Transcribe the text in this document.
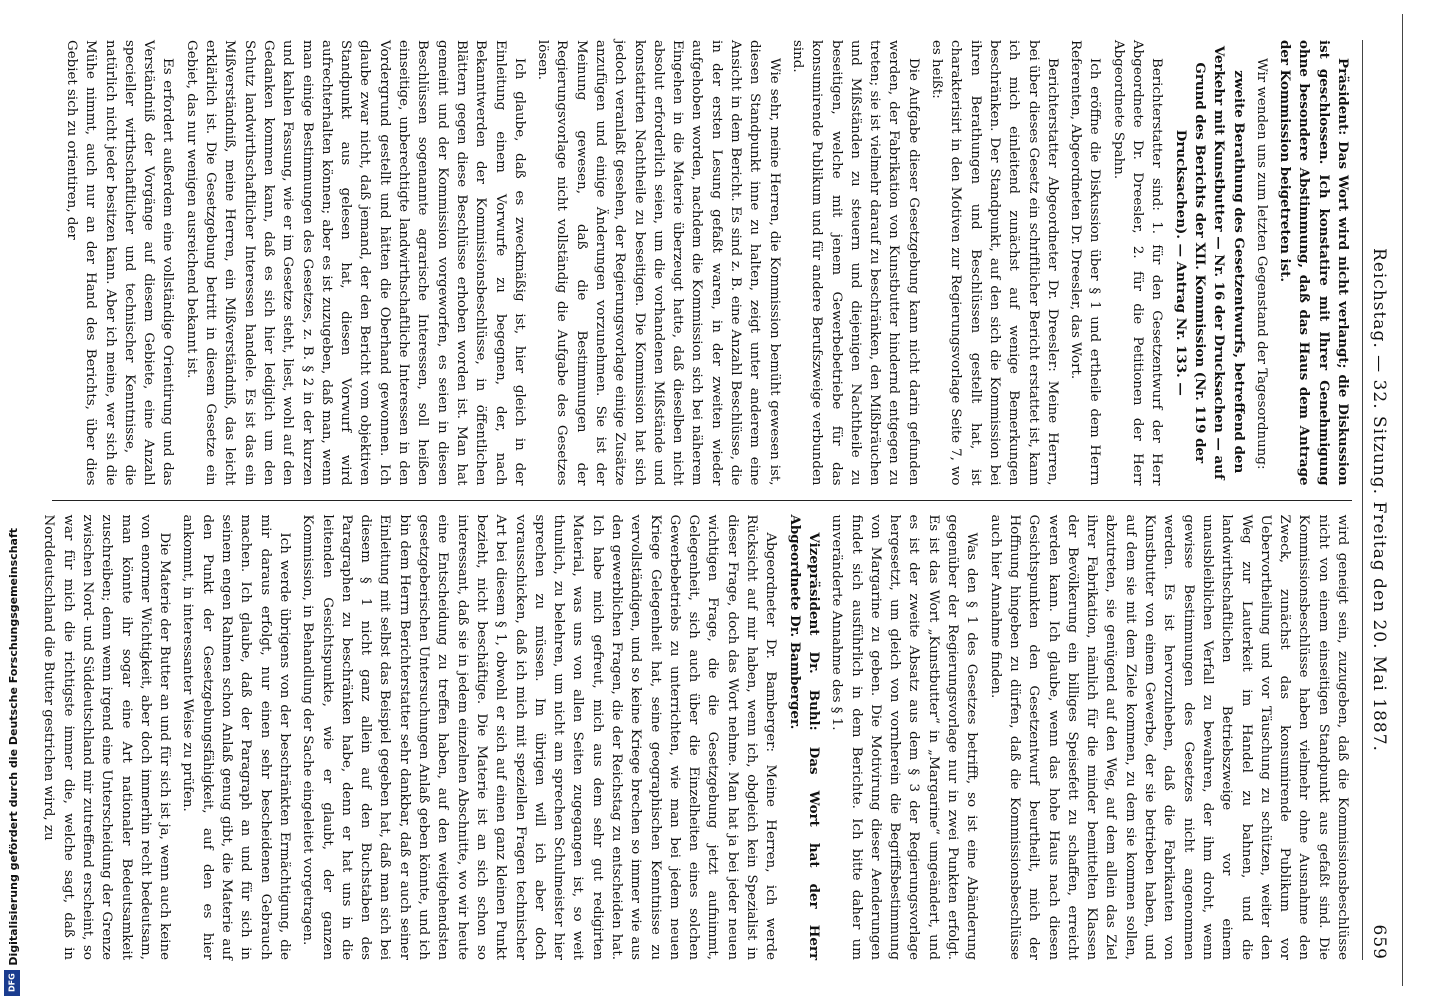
Reichstag. — 32. Sitzung. Freitag den 20. Mai 1887.
659

Präsident: Das Wort wird nicht verlangt; die Diskussion ist geschlossen. Ich konstatire mit Ihrer Genehmigung ohne besondere Abstimmung, daß das Haus dem Antrage der Kommission beigetreten ist.

Wir wenden uns zum letzten Gegenstand der Tagesordnung:

zweite Berathung des Gesetzentwurfs, betreffend den Verkehr mit Kunstbutter — Nr. 16 der Drucksachen — auf Grund des Berichts der XII. Kommission (Nr. 119 der Drucksachen). — Antrag Nr. 133. —

Berichterstatter sind: 1. für den Gesetzentwurf der Herr Abgeordnete Dr. Dreesler, 2. für die Petitionen der Herr Abgeordnete Spahn.

Ich eröffne die Diskussion über § 1 und ertheile dem Herrn Referenten, Abgeordneten Dr. Dreesler, das Wort.

Berichterstatter Abgeordneter Dr. Dreesler: Meine Herren, bei über dieses Gesetz ein schriftlicher Bericht erstattet ist, kann ich mich einleitend zunächst auf wenige Bemerkungen beschränken. Der Standpunkt, auf den sich die Kommission bei ihren Berathungen und Beschlüssen gestellt hat, ist charakterisirt in den Motiven zur Regierungsvorlage Seite 7, wo es heißt:

Die Aufgabe dieser Gesetzgebung kann nicht darin gefunden werden, der Fabrikation von Kunstbutter hindernd entgegen zu treten; sie ist vielmehr darauf zu beschränken, den Mißbräuchen und Mißständen zu steuern und diejenigen Nachtheile zu beseitigen, welche mit jenem Gewerbebetriebe für das konsumirende Publikum und für andere Berufszweige verbunden sind.

Wie sehr, meine Herren, die Kommission bemüht gewesen ist, diesen Standpunkt inne zu halten, zeigt unter anderem eine Ansicht in dem Bericht. Es sind z. B. eine Anzahl Beschlüsse, die in der ersten Lesung gefaßt waren, in der zweiten wieder aufgehoben worden, nachdem die Kommission sich bei näherem Eingehen in die Materie überzeugt hatte, daß dieselben nicht absolut erforderlich seien, um die vorhandenen Mißstände und konstatirten Nachtheile zu beseitigen. Die Kommission hat sich jedoch veranlaßt gesehen, der Regierungsvorlage einige Zusätze anzufügen und einige Änderungen vorzunehmen. Sie ist der Meinung gewesen, daß die Bestimmungen der Regierungsvorlage nicht vollständig die Aufgabe des Gesetzes lösen.

Ich glaube, daß es zweckmäßig ist, hier gleich in der Einleitung einem Vorwurfe zu begegnen, der, nach Bekanntwerden der Kommissionsbeschlüsse, in öffentlichen Blättern gegen diese Beschlüsse erhoben worden ist. Man hat gemeint und der Kommission vorgeworfen, es seien in diesen Beschlüssen sogenannte agrarische Interessen, soll heißen einseitige, unberechtigte landwirthschaftliche Interessen in den Vordergrund gestellt und hätten die Oberhand gewonnen. Ich glaube zwar nicht, daß jemand, der den Bericht vom objektiven Standpunkt aus gelesen hat, diesen Vorwurf wird aufrechterhalten können; aber es ist zuzugeben, daß man, wenn man einige Bestimmungen des Gesetzes, z. B. § 2 in der kurzen und kahlen Fassung, wie er im Gesetze steht, liest, wohl auf den Gedanken kommen kann, daß es sich hier lediglich um den Schutz landwirthschaftlicher Interessen handele. Es ist das ein Mißverständniß, meine Herren, ein Mißverständniß, das leicht erklärlich ist. Die Gesetzgebung betritt in diesem Gesetze ein Gebiet, das nur wenigen ausreichend bekannt ist.

Es erfordert außerdem eine vollständige Orientirung und das Verständniß der Vorgänge auf diesem Gebiete, eine Anzahl specieller wirthschaftlicher und technischer Kenntnisse, die natürlich nicht jeder besitzen kann. Aber ich meine, wer sich die Mühe nimmt, auch nur an der Hand des Berichts, über dies Gebiet sich zu orientiren, der

wird geneigt sein, zuzugeben, daß die Kommissionsbeschlüsse nicht von einem einseitigen Standpunkt aus gefaßt sind. Die Kommissionsbeschlüsse haben vielmehr ohne Ausnahme den Zweck, zunächst das konsumirende Publikum vor Uebervortheilung und vor Täuschung zu schützen, weiter den Weg zur Lauterkeit im Handel zu bahnen, und die landwirthschaftlichen Betriebszweige vor einem unausbleiblichen Verfall zu bewahren, der ihm droht, wenn gewisse Bestimmungen des Gesetzes nicht angenommen werden. Es ist hervorzuheben, daß die Fabrikanten von Kunstbutter von einem Gewerbe, der sie betrieben haben, und auf dem sie mit dem Ziele kommen, zu dem sie kommen sollen, abzutreten, sie genügend auf den Weg, auf dem allein das Ziel ihrer Fabrikation, nämlich für die minder bemittelten Klassen der Bevölkerung ein billiges Speisefett zu schaffen, erreicht werden kann. Ich glaube, wenn das hohe Haus nach diesen Gesichtspunkten den Gesetzentwurf beurtheilt, mich der Hoffnung hingeben zu dürfen, daß die Kommissionsbeschlüsse auch hier Annahme finden.

Was den § 1 des Gesetzes betrifft, so ist eine Abänderung gegenüber der Regierungsvorlage nur in zwei Punkten erfolgt. Es ist das Wort „Kunstbutter“ in „Margarine“ umgeändert, und es ist der zweite Absatz aus dem § 3 der Regierungsvorlage hergesetzt, um gleich von vornherein die Begriffsbestimmung von Margarine zu geben. Die Motivirung dieser Aenderungen findet sich ausführlich in dem Berichte. Ich bitte daher um unveränderte Annahme des § 1.

Vizepräsident Dr. Buhl: Das Wort hat der Herr Abgeordnete Dr. Bamberger.

Abgeordneter Dr. Bamberger: Meine Herren, ich werde Rücksicht auf mir haben, wenn ich, obgleich kein Spezialist in dieser Frage, doch das Wort nehme. Man hat ja bei jeder neuen wichtigen Frage, die die Gesetzgebung jetzt aufnimmt, Gelegenheit, sich auch über die Einzelheiten eines solchen Gewerbebetriebs zu unterrichten, wie man bei jedem neuen Kriege Gelegenheit hat, seine geographischen Kenntnisse zu vervollständigen, und so keine Kriege brechen so immer wie aus den gewerblichen Fragen, die der Reichstag zu entscheiden hat. Ich habe mich gefreut, mich aus dem sehr gut redigirten Material, was uns von allen Seiten zugegangen ist, so weit thunlich, zu belehren, um nicht am sprechen Schulmeister hier sprechen zu müssen. Im übrigen will ich aber doch vorausschicken, daß ich mich mit speziellen Fragen technischer Art bei diesem § 1, obwohl er sich auf einen ganz kleinen Punkt bezieht, nicht beschäftige. Die Materie ist an sich schon so interessant, daß sie in jedem einzelnen Abschnitte, wo wir heute eine Entscheidung zu treffen haben, auf den weitgehendsten gesetzgeberischen Untersuchungen Anlaß geben könnte, und ich bin dem Herrn Berichterstatter sehr dankbar, daß er auch seiner Einleitung mit selbst das Beispiel gegeben hat, daß man sich bei diesem § 1 nicht ganz allein auf den Buchstaben des Paragraphen zu beschränken habe, denn er hat uns in die leitenden Gesichtspunkte, wie er glaubt, der ganzen Kommission, in Behandlung der Sache eingeleitet vorgetragen.

Ich werde übrigens von der beschränkten Ermächtigung, die mir daraus erfolgt, nur einen sehr bescheidenen Gebrauch machen. Ich glaube, daß der Paragraph an und für sich in seinem engen Rahmen schon Anlaß genug gibt, die Materie auf den Punkt der Gesetzgebungsfähigkeit, auf den es hier ankommt, in interessanter Weise zu prüfen.

Die Materie der Butter an und für sich ist ja, wenn auch keine von enormer Wichtigkeit, aber doch immerhin recht bedeutsam, man könnte ihr sogar eine Art nationaler Bedeutsamkeit zuschreiben; denn wenn irgend eine Unterscheidung der Grenze zwischen Nord- und Süddeutschland mir zutreffend erscheint, so war für mich die richtigste immer die, welche sagt, daß in Norddeutschland die Butter gestrichen wird, zu

Digitalisierung gefördert durch die Deutsche Forschungsgemeinschaft
DFG
